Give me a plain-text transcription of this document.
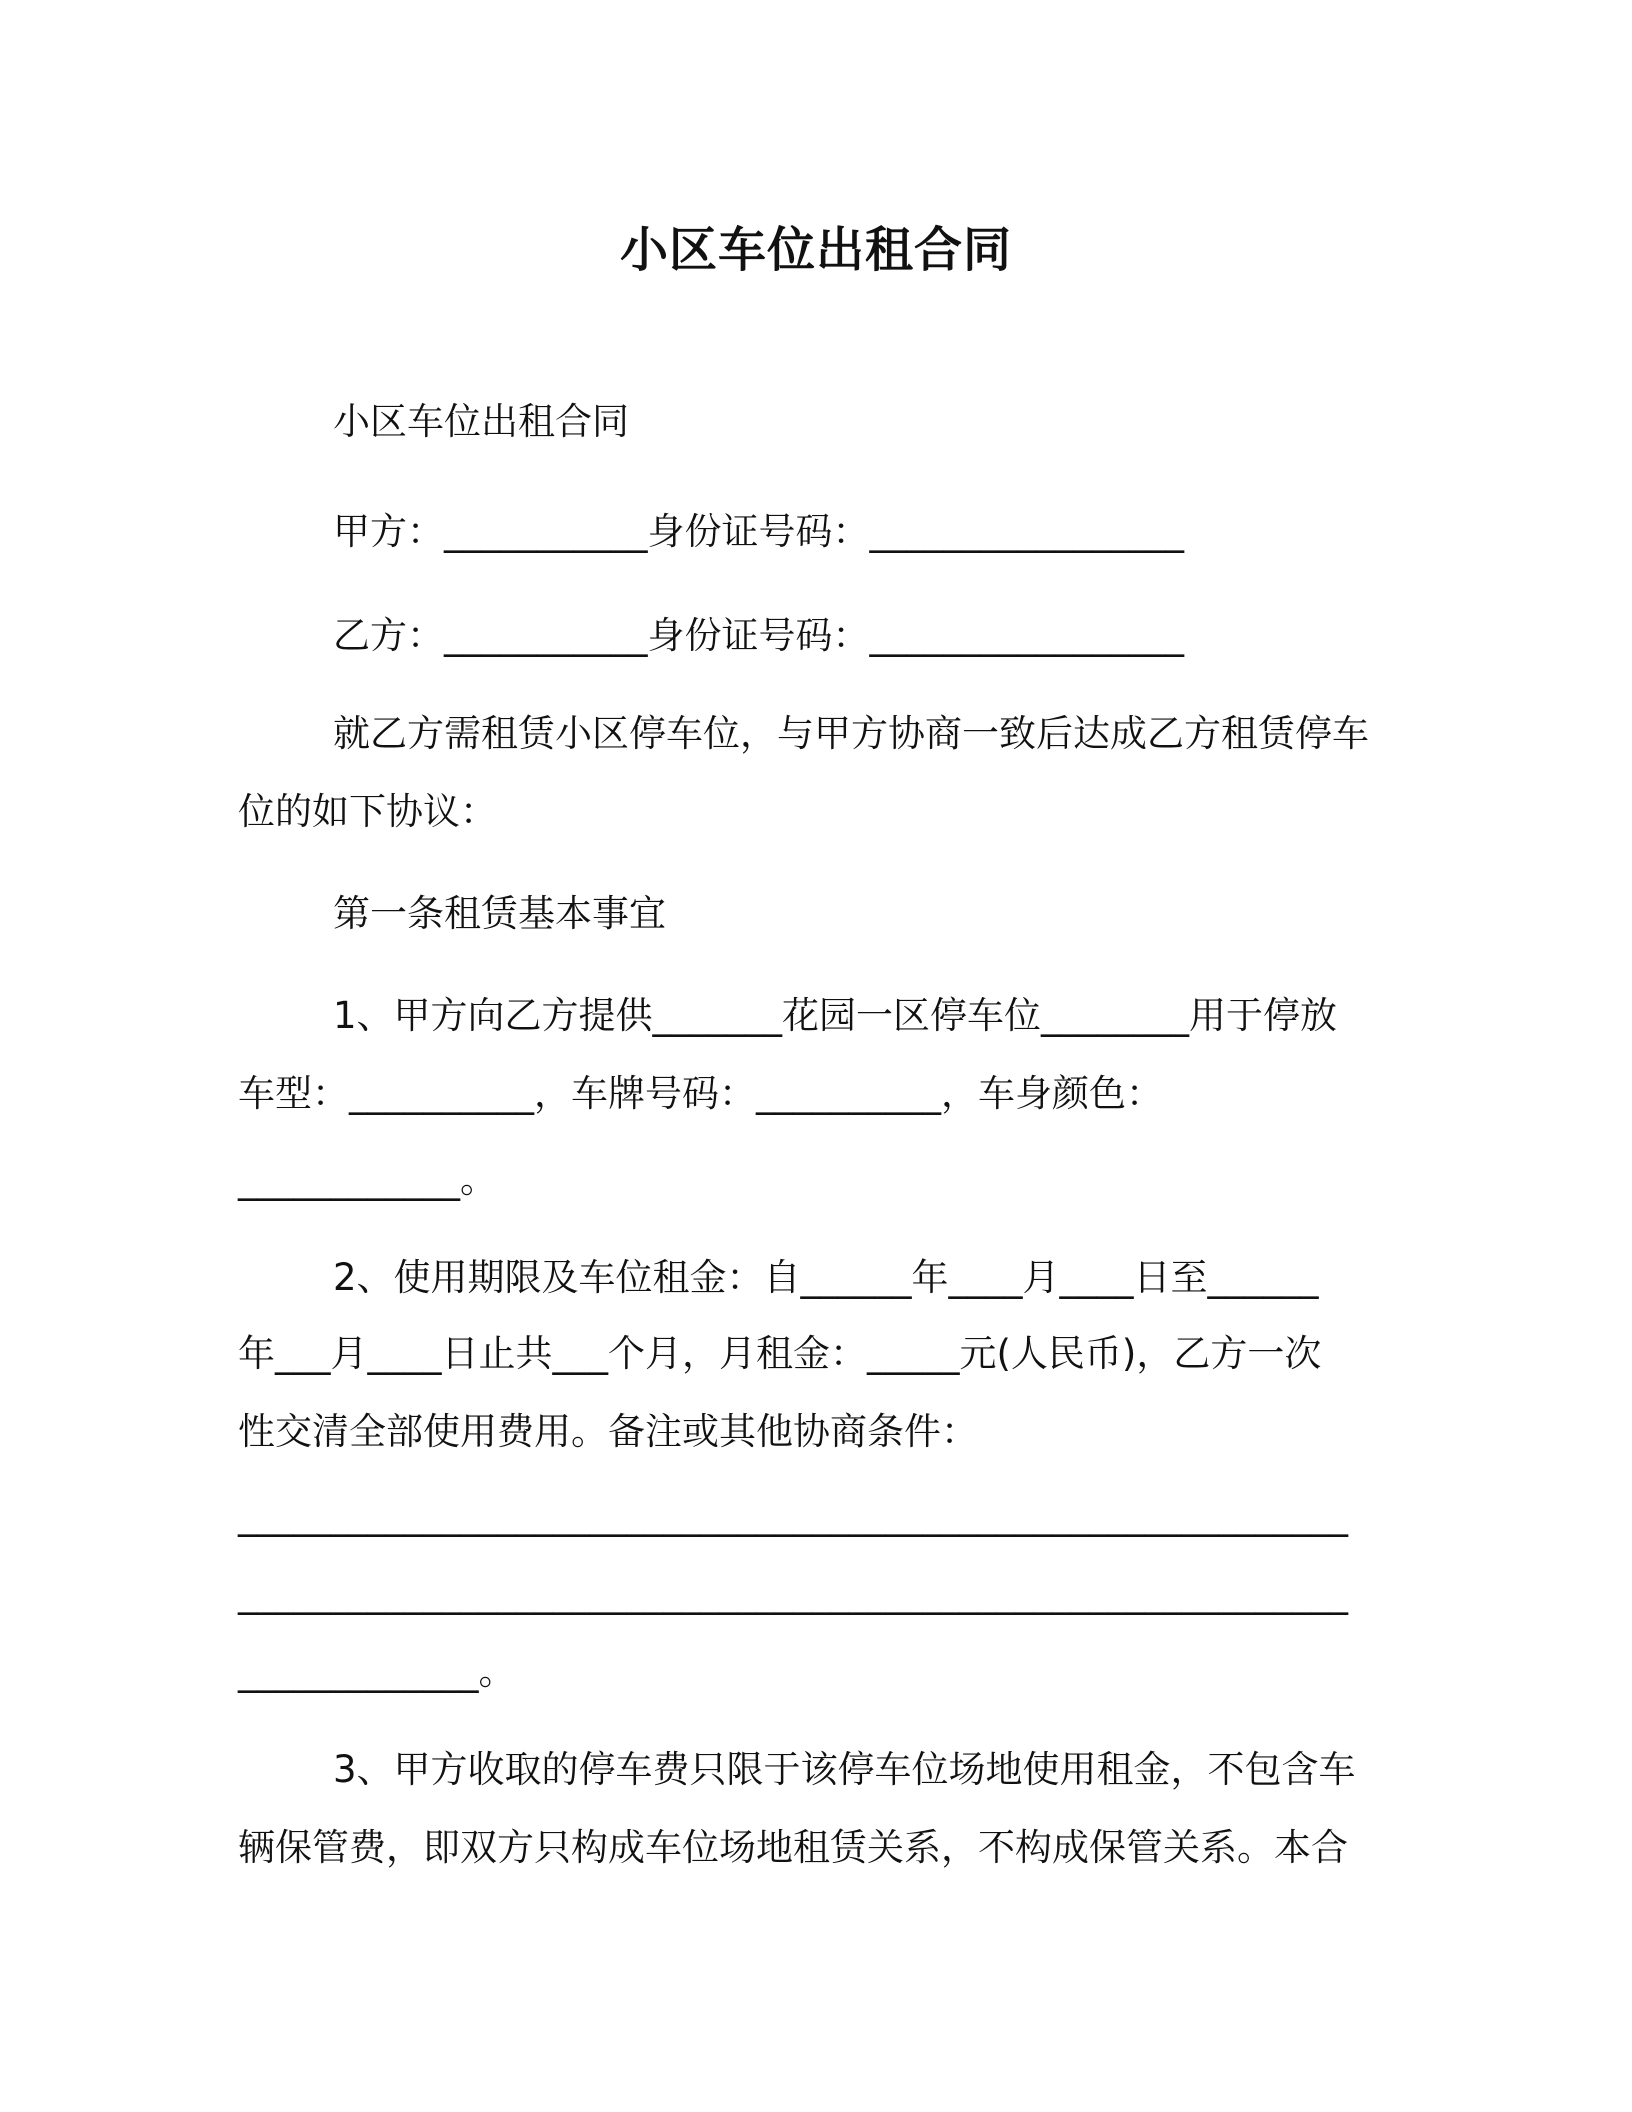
小区车位出租合同
小区车位出租合同
甲方：___________身份证号码：_________________
乙方：___________身份证号码：_________________
就乙方需租赁小区停车位，与甲方协商一致后达成乙方租赁停车
位的如下协议：
第一条租赁基本事宜
1、甲方向乙方提供_______花园一区停车位________用于停放
车型：__________，车牌号码：__________，车身颜色：
____________。
2、使用期限及车位租金：自______年____月____日至______
年___月____日止共___个月，月租金：_____元(人民币)，乙方一次
性交清全部使用费用。备注或其他协商条件：
____________________________________________________________
____________________________________________________________
_____________。
3、甲方收取的停车费只限于该停车位场地使用租金，不包含车
辆保管费，即双方只构成车位场地租赁关系，不构成保管关系。本合
